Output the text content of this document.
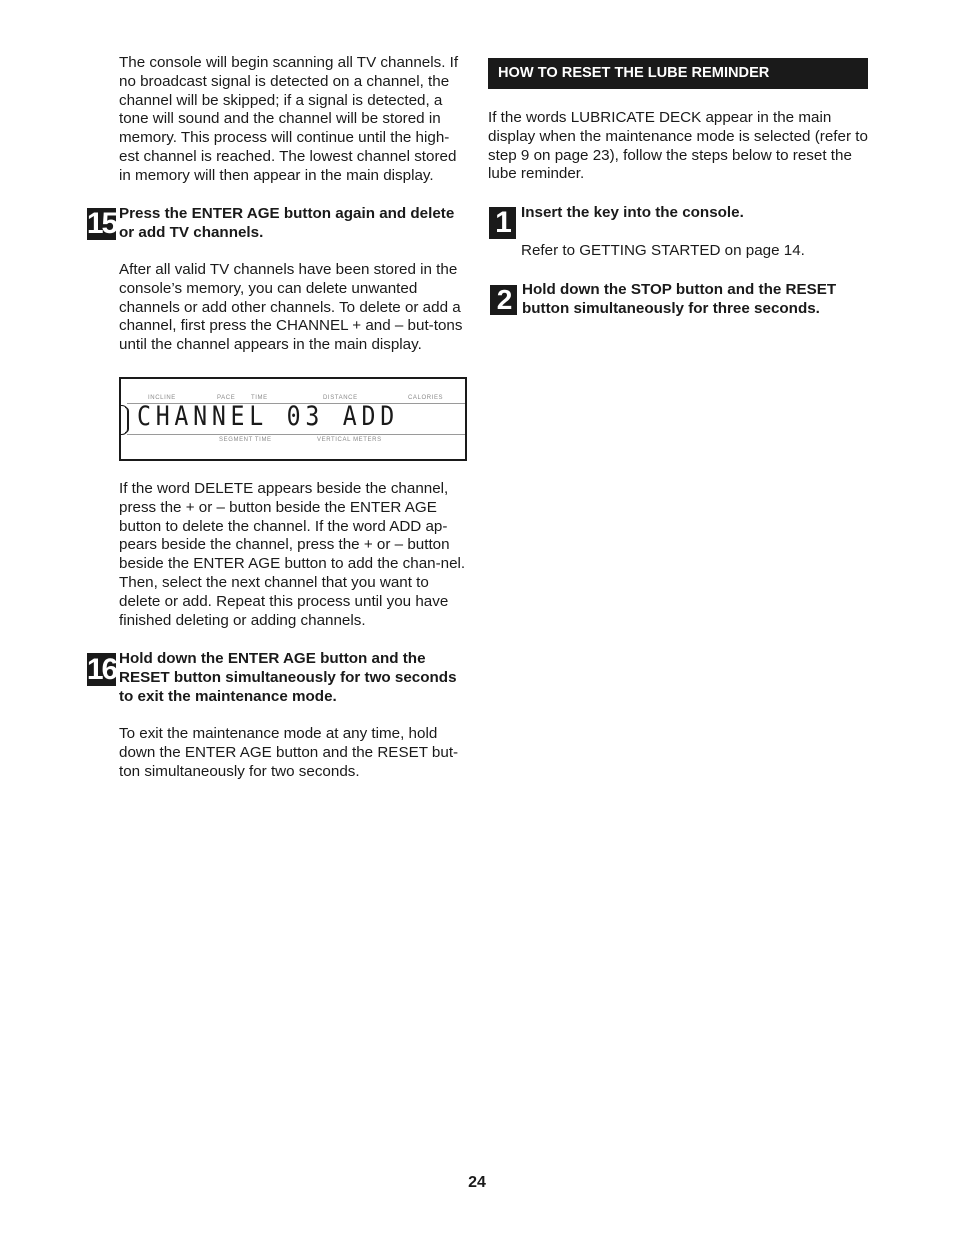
The console will begin scanning all TV channels. If no broadcast signal is detected on a channel, the channel will be skipped; if a signal is detected, a tone will sound and the channel will be stored in memory. This process will continue until the high-est channel is reached. The lowest channel stored in memory will then appear in the main display.

15 Press the ENTER AGE button again and delete or add TV channels.

After all valid TV channels have been stored in the console’s memory, you can delete unwanted channels or add other channels. To delete or add a channel, first press the CHANNEL + and – but-tons until the channel appears in the main display.

INCLINE	PACE	TIME	DISTANCE	CALORIES
CHANNEL 03 ADD
SEGMENT TIME	VERTICAL METERS

If the word DELETE appears beside the channel, press the + or – button beside the ENTER AGE button to delete the channel. If the word ADD ap-pears beside the channel, press the + or – button beside the ENTER AGE button to add the chan-nel. Then, select the next channel that you want to delete or add. Repeat this process until you have finished deleting or adding channels.

16 Hold down the ENTER AGE button and the RESET button simultaneously for two seconds to exit the maintenance mode.

To exit the maintenance mode at any time, hold down the ENTER AGE button and the RESET but-ton simultaneously for two seconds.

HOW TO RESET THE LUBE REMINDER

If the words LUBRICATE DECK appear in the main display when the maintenance mode is selected (refer to step 9 on page 23), follow the steps below to reset the lube reminder.

1 Insert the key into the console.

Refer to GETTING STARTED on page 14.

2 Hold down the STOP button and the RESET button simultaneously for three seconds.

24
